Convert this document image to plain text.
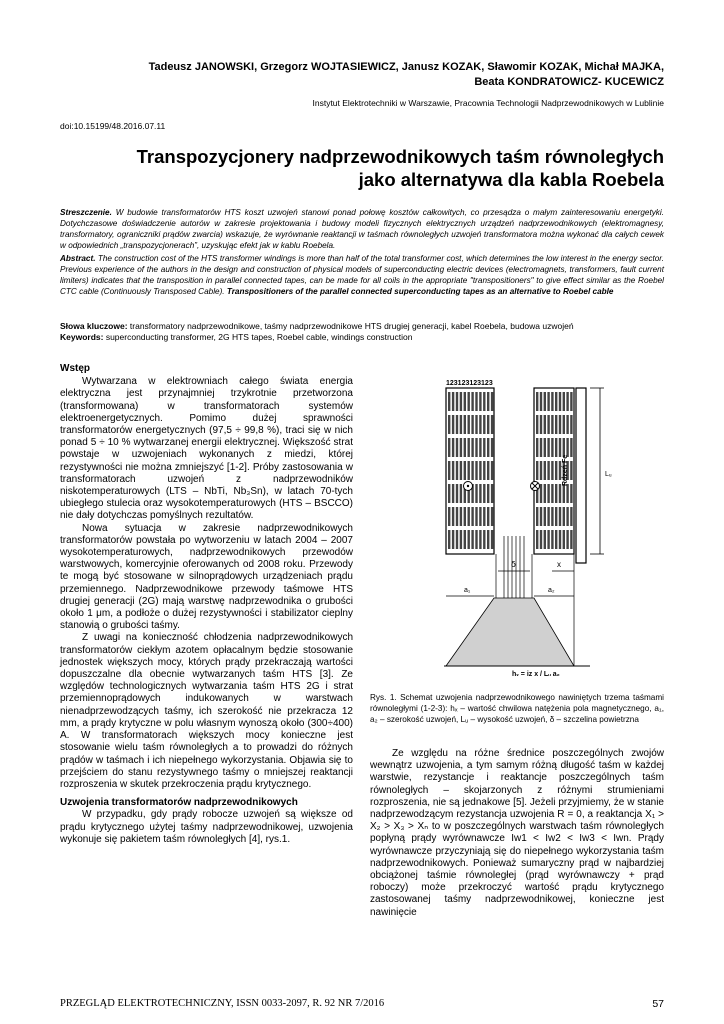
Tadeusz JANOWSKI, Grzegorz WOJTASIEWICZ, Janusz KOZAK, Sławomir KOZAK, Michał MAJKA,
Beata KONDRATOWICZ- KUCEWICZ
Instytut Elektrotechniki w Warszawie, Pracownia Technologii Nadprzewodnikowych w Lublinie
doi:10.15199/48.2016.07.11
Transpozycjonery nadprzewodnikowych taśm równoległych
jako alternatywa dla kabla Roebela
Streszczenie. W budowie transformatorów HTS koszt uzwojeń stanowi ponad połowę kosztów całkowitych, co przesądza o małym zainteresowaniu energetyki. Dotychczasowe doświadczenie autorów w zakresie projektowania i budowy modeli fizycznych elektrycznych urządzeń nadprzewodnikowych (elektromagnesy, transformatory, ograniczniki prądów zwarcia) wskazuje, że wyrównanie reaktancji w taśmach równoległych uzwojeń transformatora można wykonać dla całych cewek w odpowiednich „transpozycjonerach”, uzyskując efekt jak w kablu Roebela.
Abstract. The construction cost of the HTS transformer windings is more than half of the total transformer cost, which determines the low interest in the energy sector. Previous experience of the authors in the design and construction of physical models of superconducting electric devices (electromagnets, transformers, fault current limiters) indicates that the transposition in parallel connected tapes, can be made for all coils in the appropriate "transpositioners" to give effect similar as the Roebel CTC cable (Continuously Transposed Cable). Transpositioners of the parallel connected superconducting tapes as an alternative to Roebel cable
Słowa kluczowe: transformatory nadprzewodnikowe, taśmy nadprzewodnikowe HTS drugiej generacji, kabel Roebela, budowa uzwojeń
Keywords: superconducting transformer, 2G HTS tapes, Roebel cable, windings construction
Wstęp

Wytwarzana w elektrowniach całego świata energia elektryczna jest przynajmniej trzykrotnie przetworzona (transformowana) w transformatorach systemów elektroenergetycznych. Pomimo dużej sprawności transformatorów energetycznych (97,5 ÷ 99,8 %), traci się w nich ponad 5 ÷ 10 % wytwarzanej energii elektrycznej. Większość strat powstaje w uzwojeniach wykonanych z miedzi, której rezystywności nie można zmniejszyć [1-2]. Próby zastosowania w transformatorach uzwojeń z nadprzewodników niskotemperaturowych (LTS – NbTi, Nb₃Sn), w latach 70-tych ubiegłego stulecia oraz wysokotemperaturowych (HTS – BSCCO) nie dały dotychczas pomyślnych rezultatów.

Nowa sytuacja w zakresie nadprzewodnikowych transformatorów powstała po wytworzeniu w latach 2004 – 2007 wysokotemperaturowych, nadprzewodnikowych przewodów warstwowych, komercyjnie oferowanych od 2008 roku. Przewody te mogą być stosowane w silnoprądowych urządzeniach prądu przemiennego. Nadprzewodnikowe przewody taśmowe HTS drugiej generacji (2G) mają warstwę nadprzewodnika o grubości około 1 μm, a podłoże o dużej rezystywności i stabilizator cieplny stanowią o grubości taśmy.

Z uwagi na konieczność chłodzenia nadprzewodnikowych transformatorów ciekłym azotem opłacalnym będzie stosowanie jednostek większych mocy, których prądy przekraczają wartości dopuszczalne dla obecnie wytwarzanych taśm HTS [3]. Ze względów technologicznych wytwarzania taśm HTS 2G i strat przemiennoprądowych indukowanych w warstwach nienadprzewodzących taśmy, ich szerokość nie przekracza 12 mm, a prądy krytyczne w polu własnym wynoszą około (300÷400) A. W transformatorach większych mocy konieczne jest stosowanie wielu taśm równoległych a to prowadzi do różnych prądów w taśmach i ich niepełnego wykorzystania. Objawia się to przejściem do stanu rezystywnego taśmy o mniejszej reaktancji rozproszenia w skutek przekroczenia prądu krytycznego.

Uzwojenia transformatorów nadprzewodnikowych

W przypadku, gdy prądy robocze uzwojeń są większe od prądu krytycznego użytej taśmy nadprzewodnikowej, uzwojenia wykonuje się pakietem taśm równoległych [4], rys.1.

123123123123
Rdzeń Fe	Lᵤ
δ	x
a₁	a₂
hₓ = iz x / Lᵤ a₂
Rys. 1. Schemat uzwojenia nadprzewodnikowego nawiniętych trzema taśmami równoległymi (1-2-3): hₓ – wartość chwilowa natężenia pola magnetycznego, a₁, a₂ – szerokość uzwojeń, Lᵤ – wysokość uzwojeń, δ – szczelina powietrzna

Ze względu na różne średnice poszczególnych zwojów wewnątrz uzwojenia, a tym samym różną długość taśm w każdej warstwie, rezystancje i reaktancje poszczególnych taśm równoległych – skojarzonych z różnymi strumieniami rozproszenia, nie są jednakowe [5]. Jeżeli przyjmiemy, że w stanie nadprzewodzącym rezystancja uzwojenia R = 0, a reaktancja X₁ > X₂ > X₃ > Xₙ to w poszczególnych warstwach taśm równoległych popłyną prądy wyrównawcze Iw1 < Iw2 < Iw3 < Iwn. Prądy wyrównawcze przyczyniają się do niepełnego wykorzystania taśm nadprzewodnikowych. Ponieważ sumaryczny prąd w najbardziej obciążonej taśmie równoległej (prąd wyrównawczy + prąd roboczy) może przekroczyć wartość prądu krytycznego zastosowanej taśmy nadprzewodnikowej, konieczne jest nawinięcie

PRZEGLĄD ELEKTROTECHNICZNY, ISSN 0033-2097, R. 92 NR 7/2016	57
